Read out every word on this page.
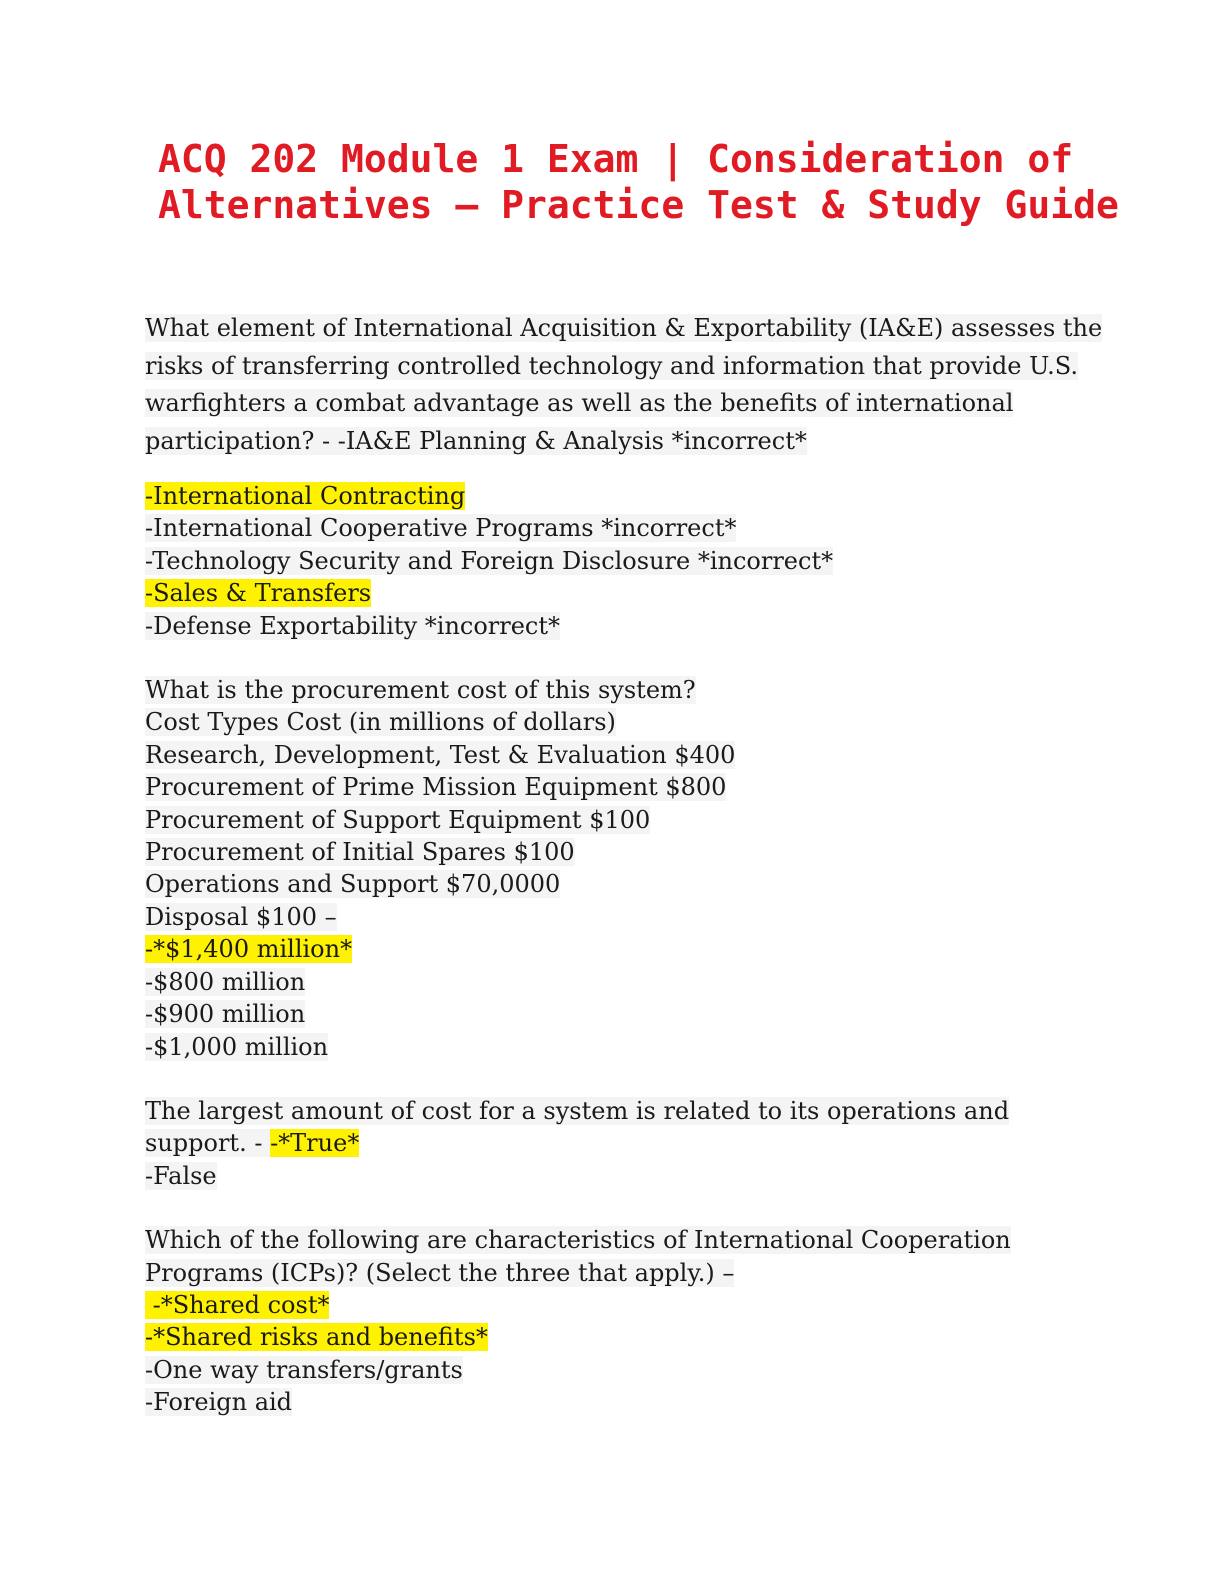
ACQ 202 Module 1 Exam | Consideration of
Alternatives – Practice Test & Study Guide
What element of International Acquisition & Exportability (IA&E) assesses the
risks of transferring controlled technology and information that provide U.S.
warfighters a combat advantage as well as the benefits of international
participation? - -IA&E Planning & Analysis *incorrect*
-International Contracting
-International Cooperative Programs *incorrect*
-Technology Security and Foreign Disclosure *incorrect*
-Sales & Transfers
-Defense Exportability *incorrect*
What is the procurement cost of this system?
Cost Types Cost (in millions of dollars)
Research, Development, Test & Evaluation $400
Procurement of Prime Mission Equipment $800
Procurement of Support Equipment $100
Procurement of Initial Spares $100
Operations and Support $70,0000
Disposal $100 –
-*$1,400 million*
-$800 million
-$900 million
-$1,000 million
The largest amount of cost for a system is related to its operations and
support. - -*True*
-False
Which of the following are characteristics of International Cooperation
Programs (ICPs)? (Select the three that apply.) –
-*Shared cost*
-*Shared risks and benefits*
-One way transfers/grants
-Foreign aid
